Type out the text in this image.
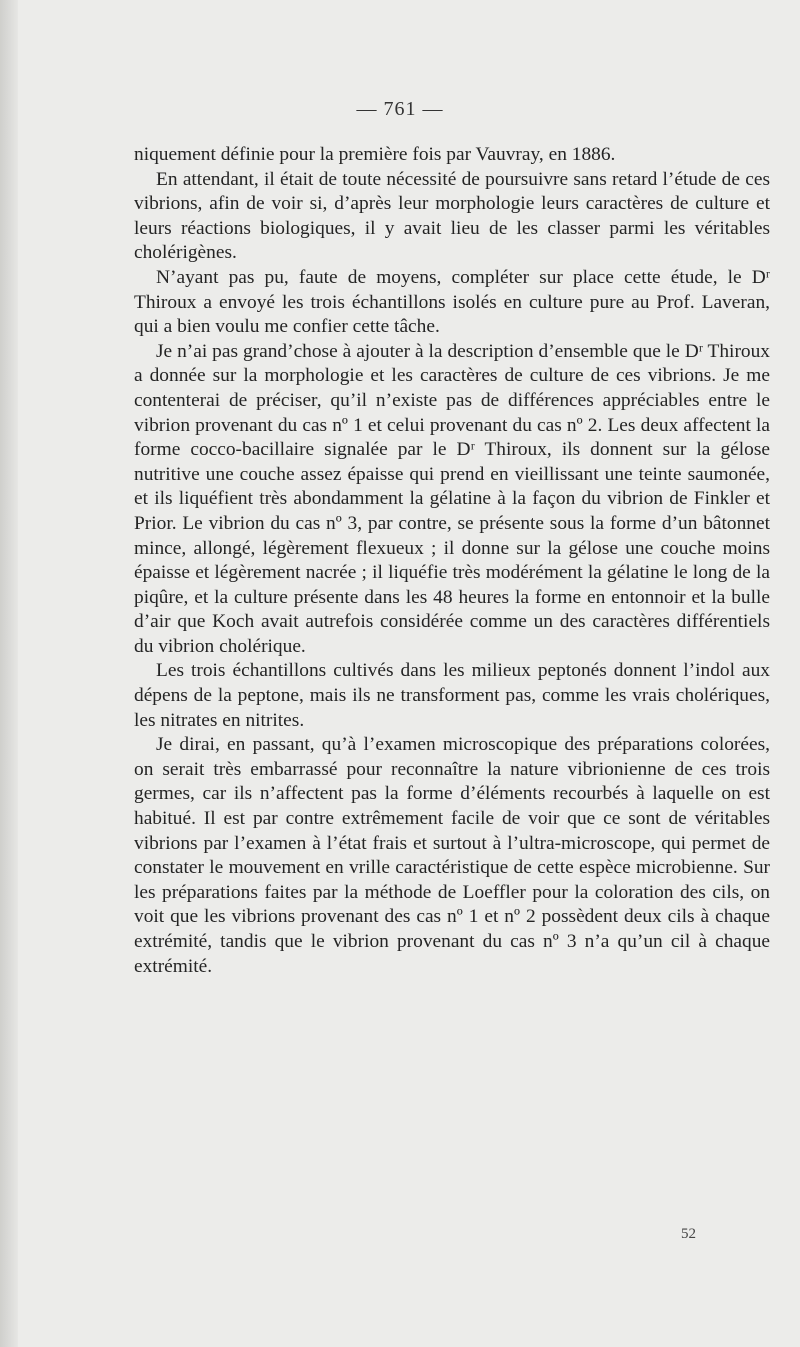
— 761 —

niquement définie pour la première fois par Vauvray, en 1886.

En attendant, il était de toute nécessité de poursuivre sans retard l’étude de ces vibrions, afin de voir si, d’après leur morphologie leurs caractères de culture et leurs réactions biologiques, il y avait lieu de les classer parmi les véritables cholérigènes.

N’ayant pas pu, faute de moyens, compléter sur place cette étude, le Dʳ Thiroux a envoyé les trois échantillons isolés en culture pure au Prof. Laveran, qui a bien voulu me confier cette tâche.

Je n’ai pas grand’chose à ajouter à la description d’ensemble que le Dʳ Thiroux a donnée sur la morphologie et les caractères de culture de ces vibrions. Je me contenterai de préciser, qu’il n’existe pas de différences appréciables entre le vibrion provenant du cas nº 1 et celui provenant du cas nº 2. Les deux affectent la forme cocco-bacillaire signalée par le Dʳ Thiroux, ils donnent sur la gélose nutritive une couche assez épaisse qui prend en vieillissant une teinte saumonée, et ils liquéfient très abondamment la gélatine à la façon du vibrion de Finkler et Prior. Le vibrion du cas nº 3, par contre, se présente sous la forme d’un bâtonnet mince, allongé, légèrement flexueux ; il donne sur la gélose une couche moins épaisse et légèrement nacrée ; il liquéfie très modérément la gélatine le long de la piqûre, et la culture présente dans les 48 heures la forme en entonnoir et la bulle d’air que Koch avait autrefois considérée comme un des caractères différentiels du vibrion cholérique.

Les trois échantillons cultivés dans les milieux peptonés donnent l’indol aux dépens de la peptone, mais ils ne transforment pas, comme les vrais cholériques, les nitrates en nitrites.

Je dirai, en passant, qu’à l’examen microscopique des préparations colorées, on serait très embarrassé pour reconnaître la nature vibrionienne de ces trois germes, car ils n’affectent pas la forme d’éléments recourbés à laquelle on est habitué. Il est par contre extrêmement facile de voir que ce sont de véritables vibrions par l’examen à l’état frais et surtout à l’ultra-microscope, qui permet de constater le mouvement en vrille caractéristique de cette espèce microbienne. Sur les préparations faites par la méthode de Loeffler pour la coloration des cils, on voit que les vibrions provenant des cas nº 1 et nº 2 possèdent deux cils à chaque extrémité, tandis que le vibrion provenant du cas nº 3 n’a qu’un cil à chaque extrémité.

52
